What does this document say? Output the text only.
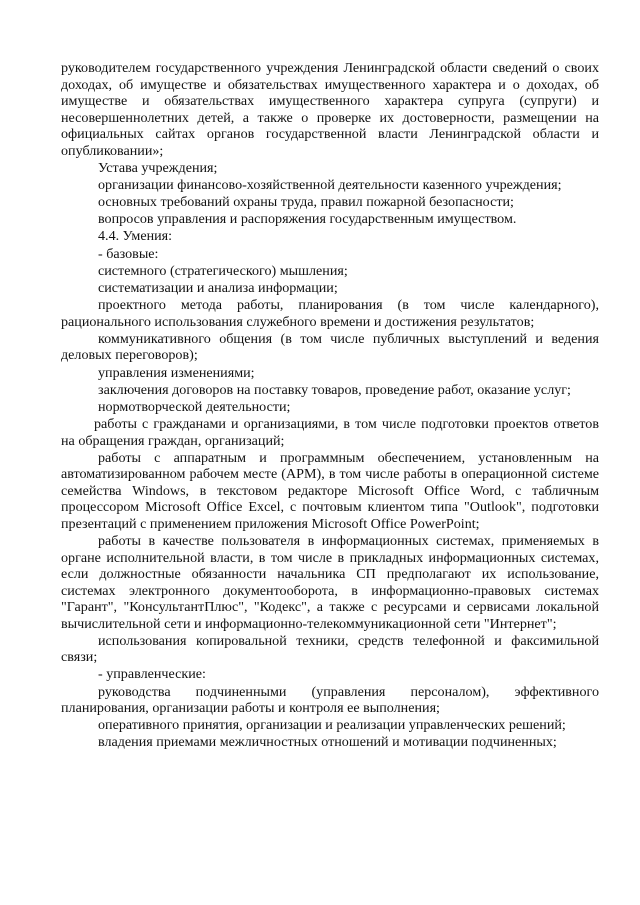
руководителем государственного учреждения Ленинградской области сведений о своих доходах, об имуществе и обязательствах имущественного характера и о доходах, об имуществе и обязательствах имущественного характера супруга (супруги) и несовершеннолетних детей, а также о проверке их достоверности, размещении на официальных сайтах органов государственной власти Ленинградской области и опубликовании»;

Устава учреждения;

организации финансово-хозяйственной деятельности казенного учреждения;

основных требований охраны труда, правил пожарной безопасности;

вопросов управления и распоряжения государственным имуществом.

4.4. Умения:

- базовые:

системного (стратегического) мышления;

систематизации и анализа информации;

проектного метода работы, планирования (в том числе календарного), рационального использования служебного времени и достижения результатов;

коммуникативного общения (в том числе публичных выступлений и ведения деловых переговоров);

управления изменениями;

заключения договоров на поставку товаров, проведение работ, оказание услуг;

нормотворческой деятельности;

работы с гражданами и организациями, в том числе подготовки проектов ответов на обращения граждан, организаций;

работы с аппаратным и программным обеспечением, установленным на автоматизированном рабочем месте (АРМ), в том числе работы в операционной системе семейства Windows, в текстовом редакторе Microsoft Office Word, с табличным процессором Microsoft Office Excel, с почтовым клиентом типа "Outlook", подготовки презентаций с применением приложения Microsoft Office PowerPoint;

работы в качестве пользователя в информационных системах, применяемых в органе исполнительной власти, в том числе в прикладных информационных системах, если должностные обязанности начальника СП предполагают их использование, системах электронного документооборота, в информационно-правовых системах "Гарант", "КонсультантПлюс", "Кодекс", а также с ресурсами и сервисами локальной вычислительной сети и информационно-телекоммуникационной сети "Интернет";

использования копировальной техники, средств телефонной и факсимильной связи;

- управленческие:

руководства подчиненными (управления персоналом), эффективного планирования, организации работы и контроля ее выполнения;

оперативного принятия, организации и реализации управленческих решений;

владения приемами межличностных отношений и мотивации подчиненных;
